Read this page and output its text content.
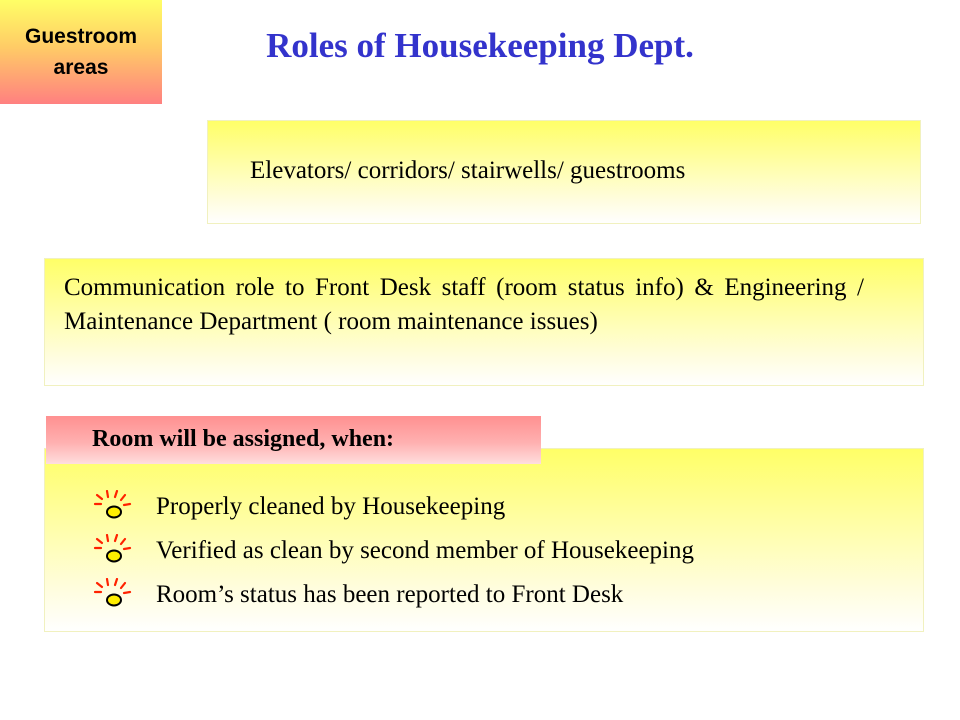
Roles of Housekeeping Dept.
Guestroom
areas
Elevators/ corridors/ stairwells/ guestrooms
Communication role to Front Desk staff (room status info) & Engineering / Maintenance Department ( room maintenance issues)
Properly cleaned by Housekeeping
Verified as clean by second member of Housekeeping
Room’s status has been reported to Front Desk
Room will be assigned, when:
